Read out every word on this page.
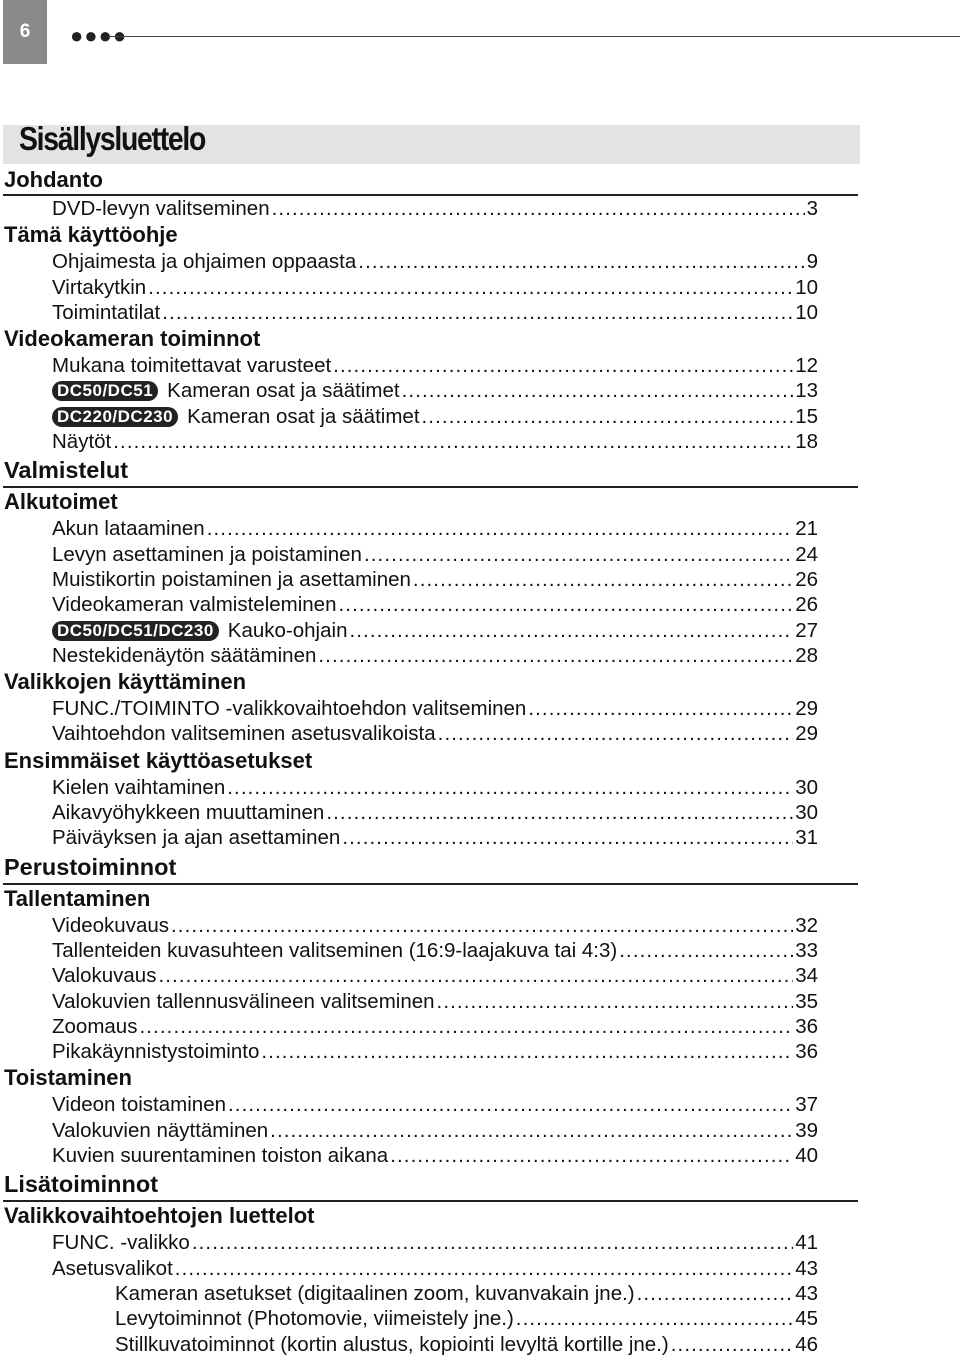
6 ●●●●
Sisällysluettelo
Johdanto
DVD-levyn valitseminen .....	3
Tämä käyttöohje
Ohjaimesta ja ohjaimen oppaasta .....	9
Virtakytkin .....	10
Toimintatilat .....	10
Videokameran toiminnot
Mukana toimitettavat varusteet .....	12
DC50/DC51 Kameran osat ja säätimet .....	13
DC220/DC230 Kameran osat ja säätimet .....	15
Näytöt .....	18
Valmistelut
Alkutoimet
Akun lataaminen .....	21
Levyn asettaminen ja poistaminen .....	24
Muistikortin poistaminen ja asettaminen .....	26
Videokameran valmisteleminen .....	26
DC50/DC51/DC230 Kauko-ohjain .....	27
Nestekidenäytön säätäminen .....	28
Valikkojen käyttäminen
FUNC./TOIMINTO -valikkovaihtoehdon valitseminen .....	29
Vaihtoehdon valitseminen asetusvalikoista .....	29
Ensimmäiset käyttöasetukset
Kielen vaihtaminen .....	30
Aikavyöhykkeen muuttaminen .....	30
Päiväyksen ja ajan asettaminen .....	31
Perustoiminnot
Tallentaminen
Videokuvaus .....	32
Tallenteiden kuvasuhteen valitseminen (16:9-laajakuva tai 4:3) .....	33
Valokuvaus .....	34
Valokuvien tallennusvälineen valitseminen .....	35
Zoomaus .....	36
Pikakäynnistystoiminto .....	36
Toistaminen
Videon toistaminen .....	37
Valokuvien näyttäminen .....	39
Kuvien suurentaminen toiston aikana .....	40
Lisätoiminnot
Valikkovaihtoehtojen luettelot
FUNC. -valikko .....	41
Asetusvalikot .....	43
Kameran asetukset (digitaalinen zoom, kuvanvakain jne.) .....	43
Levytoiminnot (Photomovie, viimeistely jne.) .....	45
Stillkuvatoiminnot (kortin alustus, kopiointi levyltä kortille jne.) .....	46
